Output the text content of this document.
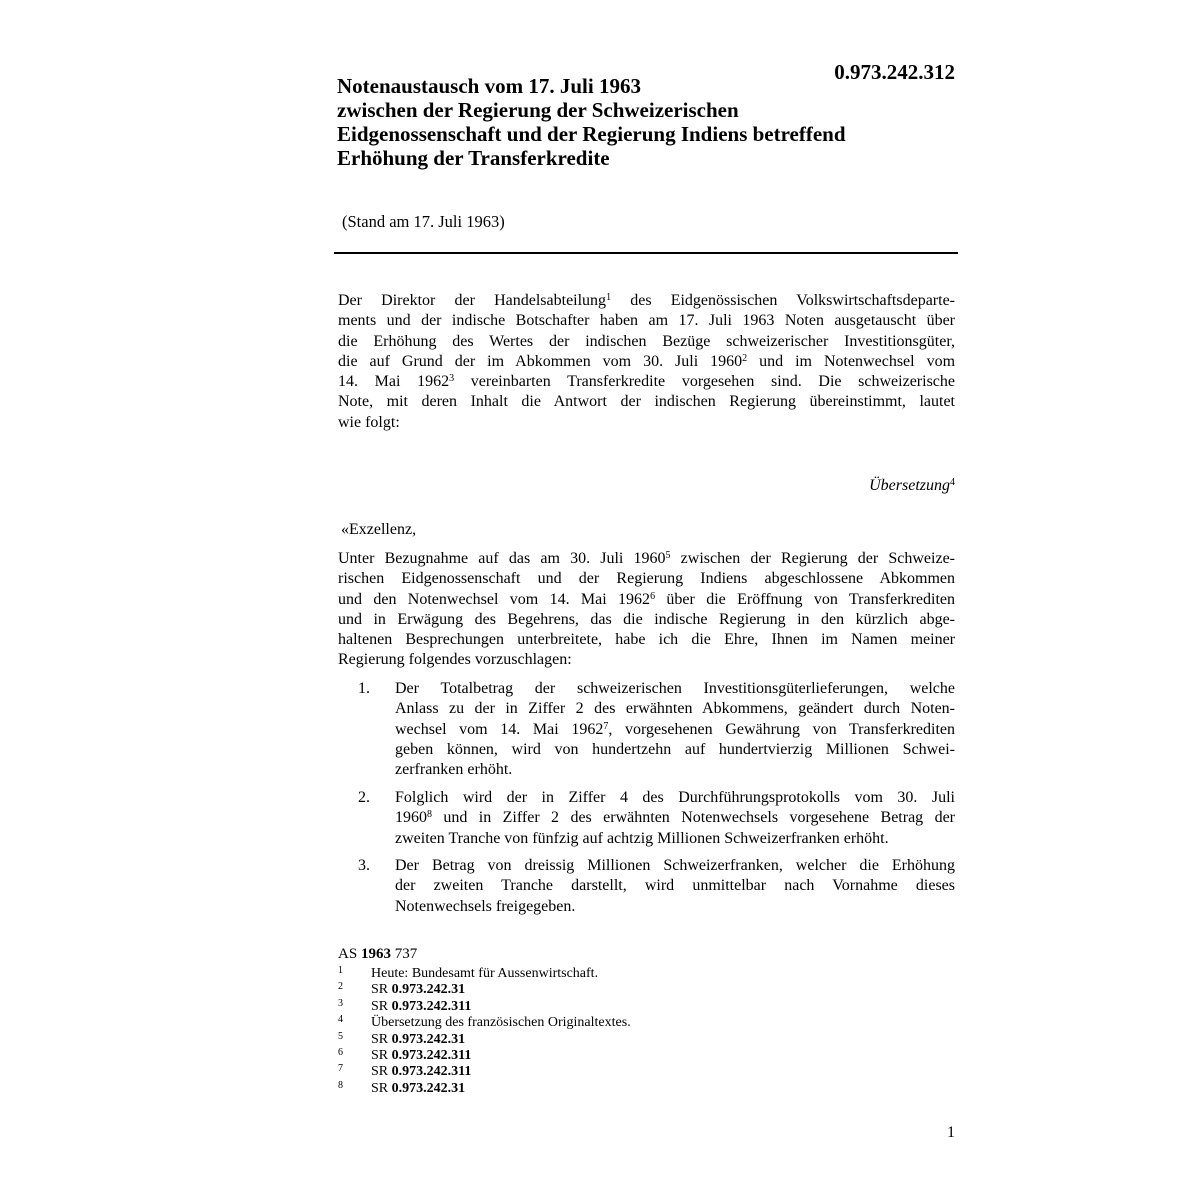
0.973.242.312
Notenaustausch vom 17. Juli 1963
zwischen der Regierung der Schweizerischen
Eidgenossenschaft und der Regierung Indiens betreffend
Erhöhung der Transferkredite
(Stand am 17. Juli 1963)

Der Direktor der Handelsabteilung$^1$ des Eidgenössischen Volkswirtschaftsdeparte-
ments und der indische Botschafter haben am 17. Juli 1963 Noten ausgetauscht über
die Erhöhung des Wertes der indischen Bezüge schweizerischer Investitionsgüter,
die auf Grund der im Abkommen vom 30. Juli 1960$^2$ und im Notenwechsel vom
14. Mai 1962$^3$ vereinbarten Transferkredite vorgesehen sind. Die schweizerische
Note, mit deren Inhalt die Antwort der indischen Regierung übereinstimmt, lautet
wie folgt:

Übersetzung$^4$
«Exzellenz,

Unter Bezugnahme auf das am 30. Juli 1960$^5$ zwischen der Regierung der Schweize-
rischen Eidgenossenschaft und der Regierung Indiens abgeschlossene Abkommen
und den Notenwechsel vom 14. Mai 1962$^6$ über die Eröffnung von Transferkrediten
und in Erwägung des Begehrens, das die indische Regierung in den kürzlich abge-
haltenen Besprechungen unterbreitete, habe ich die Ehre, Ihnen im Namen meiner
Regierung folgendes vorzuschlagen:

1. Der Totalbetrag der schweizerischen Investitionsgüterlieferungen, welche
Anlass zu der in Ziffer 2 des erwähnten Abkommens, geändert durch Noten-
wechsel vom 14. Mai 1962$^7$, vorgesehenen Gewährung von Transferkrediten
geben können, wird von hundertzehn auf hundertvierzig Millionen Schwei-
zerfranken erhöht.
2. Folglich wird der in Ziffer 4 des Durchführungsprotokolls vom 30. Juli
1960$^8$ und in Ziffer 2 des erwähnten Notenwechsels vorgesehene Betrag der
zweiten Tranche von fünfzig auf achtzig Millionen Schweizerfranken erhöht.
3. Der Betrag von dreissig Millionen Schweizerfranken, welcher die Erhöhung
der zweiten Tranche darstellt, wird unmittelbar nach Vornahme dieses
Notenwechsels freigegeben.
AS 1963 737
1 Heute: Bundesamt für Aussenwirtschaft.
2 SR 0.973.242.31
3 SR 0.973.242.311
4 Übersetzung des französischen Originaltextes.
5 SR 0.973.242.31
6 SR 0.973.242.311
7 SR 0.973.242.311
8 SR 0.973.242.31
1
